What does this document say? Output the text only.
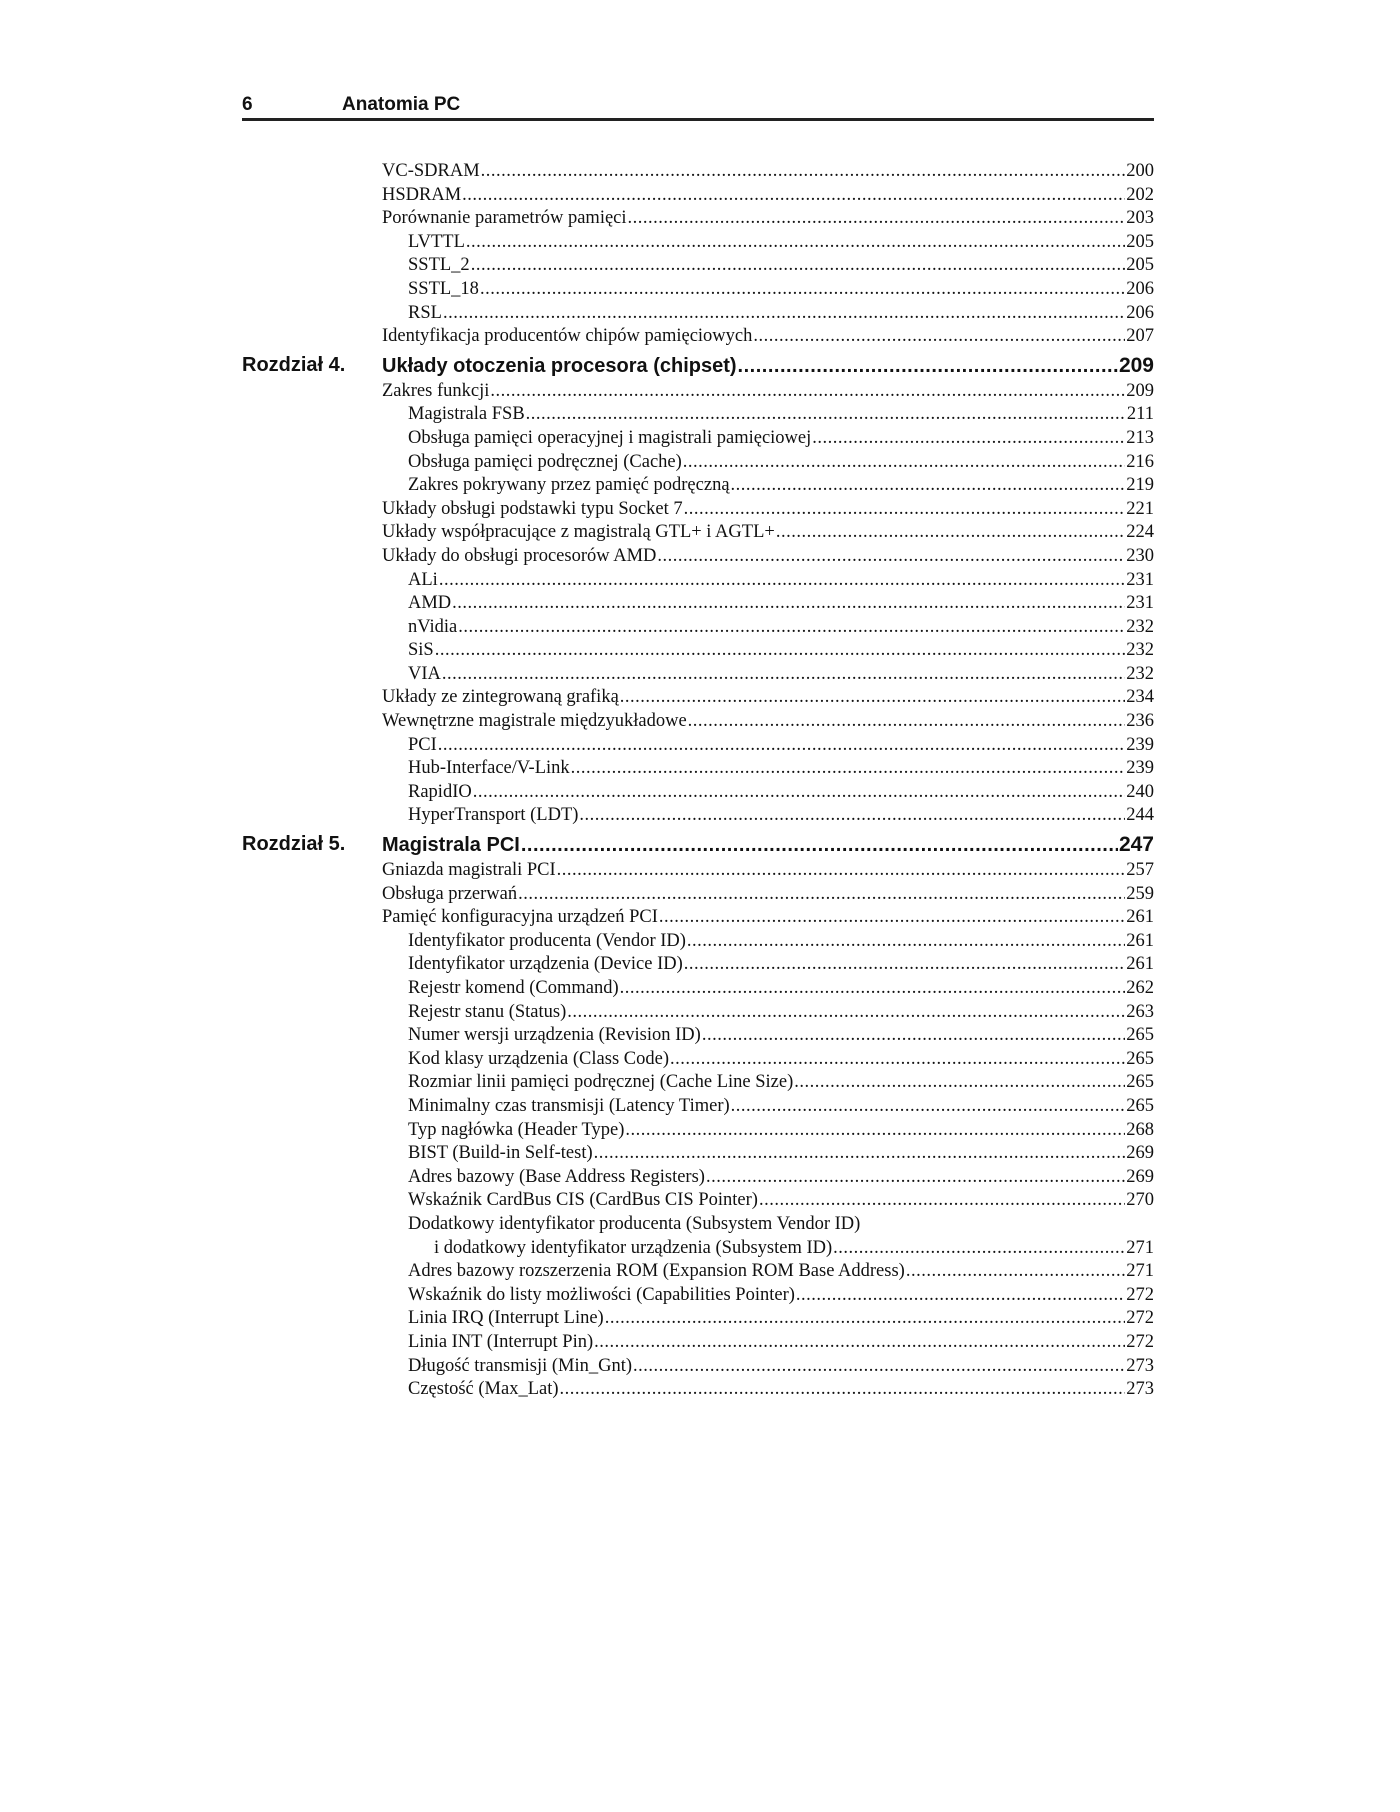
6	Anatomia PC
VC-SDRAM .....	200
HSDRAM .....	202
Porównanie parametrów pamięci .....	203
LVTTL .....	205
SSTL_2 .....	205
SSTL_18 .....	206
RSL .....	206
Identyfikacja producentów chipów pamięciowych .....	207
Rozdział 4. Układy otoczenia procesora (chipset) .....	209
Zakres funkcji .....	209
Magistrala FSB .....	211
Obsługa pamięci operacyjnej i magistrali pamięciowej .....	213
Obsługa pamięci podręcznej (Cache) .....	216
Zakres pokrywany przez pamięć podręczną .....	219
Układy obsługi podstawki typu Socket 7 .....	221
Układy współpracujące z magistralą GTL+ i AGTL+ .....	224
Układy do obsługi procesorów AMD .....	230
ALi .....	231
AMD .....	231
nVidia .....	232
SiS .....	232
VIA .....	232
Układy ze zintegrowaną grafiką .....	234
Wewnętrzne magistrale międzyukładowe .....	236
PCI .....	239
Hub-Interface/V-Link .....	239
RapidIO .....	240
HyperTransport (LDT) .....	244
Rozdział 5. Magistrala PCI .....	247
Gniazda magistrali PCI .....	257
Obsługa przerwań .....	259
Pamięć konfiguracyjna urządzeń PCI .....	261
Identyfikator producenta (Vendor ID) .....	261
Identyfikator urządzenia (Device ID) .....	261
Rejestr komend (Command) .....	262
Rejestr stanu (Status) .....	263
Numer wersji urządzenia (Revision ID) .....	265
Kod klasy urządzenia (Class Code) .....	265
Rozmiar linii pamięci podręcznej (Cache Line Size) .....	265
Minimalny czas transmisji (Latency Timer) .....	265
Typ nagłówka (Header Type) .....	268
BIST (Build-in Self-test) .....	269
Adres bazowy (Base Address Registers) .....	269
Wskaźnik CardBus CIS (CardBus CIS Pointer) .....	270
Dodatkowy identyfikator producenta (Subsystem Vendor ID)
i dodatkowy identyfikator urządzenia (Subsystem ID) .....	271
Adres bazowy rozszerzenia ROM (Expansion ROM Base Address) .....	271
Wskaźnik do listy możliwości (Capabilities Pointer) .....	272
Linia IRQ (Interrupt Line) .....	272
Linia INT (Interrupt Pin) .....	272
Długość transmisji (Min_Gnt) .....	273
Częstość (Max_Lat) .....	273
